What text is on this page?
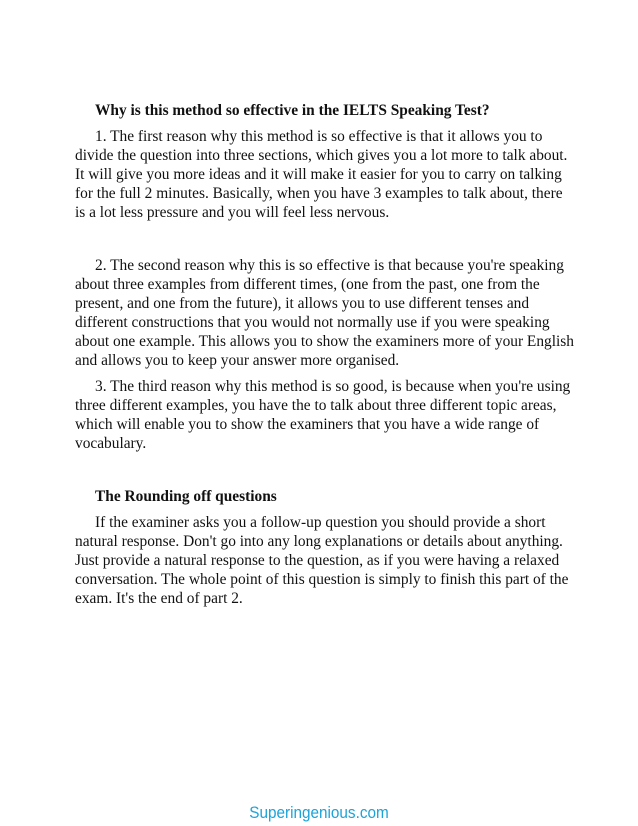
Why is this method so effective in the IELTS Speaking Test?

1. The first reason why this method is so effective is that it allows you to divide the question into three sections, which gives you a lot more to talk about. It will give you more ideas and it will make it easier for you to carry on talking for the full 2 minutes. Basically, when you have 3 examples to talk about, there is a lot less pressure and you will feel less nervous.

2. The second reason why this is so effective is that because you're speaking about three examples from different times, (one from the past, one from the present, and one from the future), it allows you to use different tenses and different constructions that you would not normally use if you were speaking about one example. This allows you to show the examiners more of your English and allows you to keep your answer more organised.

3. The third reason why this method is so good, is because when you're using three different examples, you have the to talk about three different topic areas, which will enable you to show the examiners that you have a wide range of vocabulary.

The Rounding off questions

If the examiner asks you a follow-up question you should provide a short natural response. Don't go into any long explanations or details about anything. Just provide a natural response to the question, as if you were having a relaxed conversation. The whole point of this question is simply to finish this part of the exam. It's the end of part 2.

Superingenious.com
